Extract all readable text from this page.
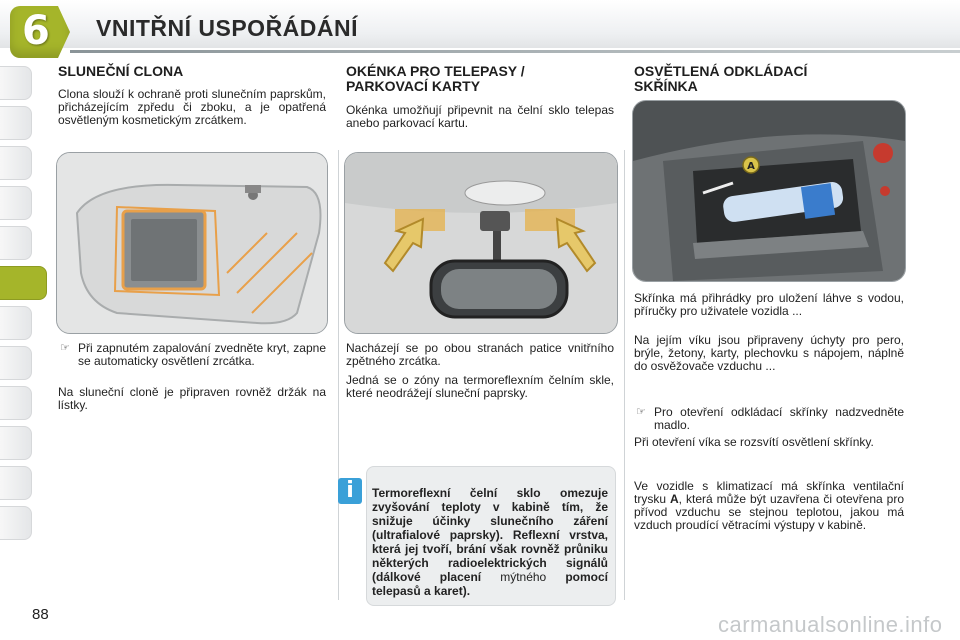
6 VNITŘNÍ USPOŘÁDÁNÍ
SLUNEČNÍ CLONA
Clona slouží k ochraně proti slunečním paprskům, přicházejícím zpředu či zboku, a je opatřená osvětleným kosmetickým zrcátkem.
☞ Při zapnutém zapalování zvedněte kryt, zapne se automaticky osvětlení zrcátka.
Na sluneční cloně je připraven rovněž držák na lístky.
OKÉNKA PRO TELEPASY /
PARKOVACÍ KARTY
Okénka umožňují připevnit na čelní sklo telepas anebo parkovací kartu.
Nacházejí se po obou stranách patice vnitřního zpětného zrcátka.
Jedná se o zóny na termoreflexním čelním skle, které neodrážejí sluneční paprsky.
i	Termoreflexní čelní sklo omezuje zvyšování teploty v kabině tím, že snižuje účinky slunečního záření (ultrafialové paprsky). Reflexní vrstva, která jej tvoří, brání však rovněž průniku některých radioelektrických signálů (dálkové placení mýtného pomocí telepasů a karet).
OSVĚTLENÁ ODKLÁDACÍ
SKŘÍNKA
A
Skřínka má přihrádky pro uložení láhve s vodou, příručky pro uživatele vozidla ...
Na jejím víku jsou připraveny úchyty pro pero, brýle, žetony, karty, plechovku s nápojem, náplně do osvěžovače vzduchu ...
☞ Pro otevření odkládací skřínky nadzvedněte madlo.
Při otevření víka se rozsvítí osvětlení skřínky.
Ve vozidle s klimatizací má skřínka ventilační trysku A, která může být uzavřena či otevřena pro přívod vzduchu se stejnou teplotou, jakou má vzduch proudící větracími výstupy v kabině.
88	carmanualsonline.info
